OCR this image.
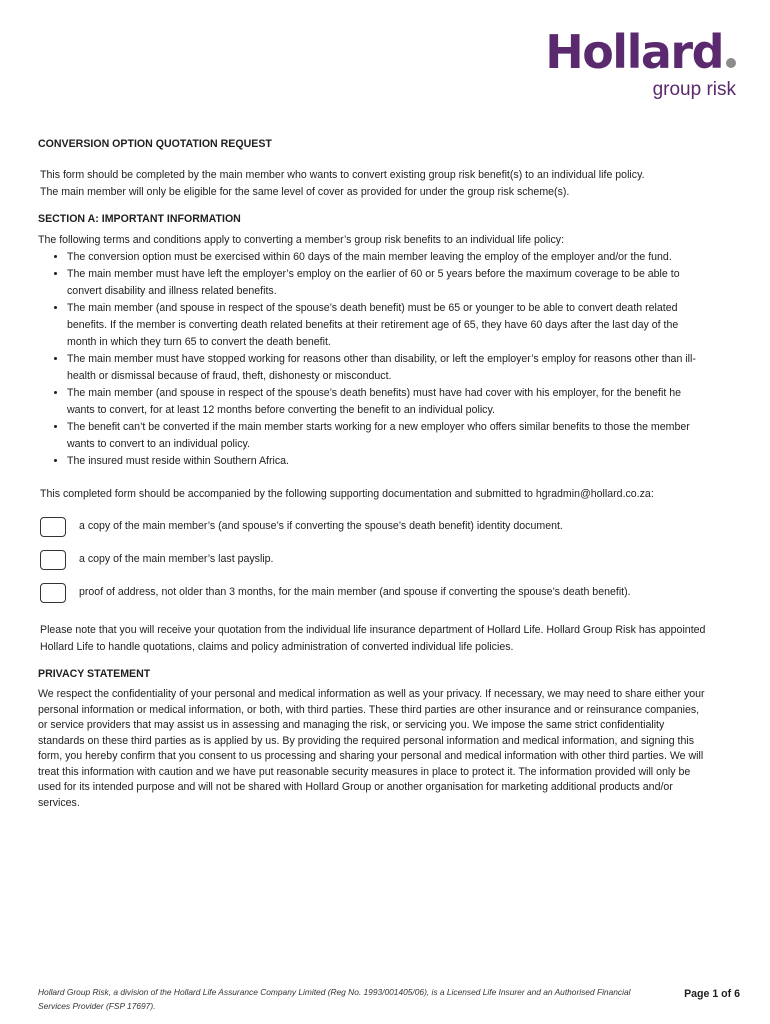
Hollard
group risk
CONVERSION OPTION QUOTATION REQUEST
This form should be completed by the main member who wants to convert existing group risk benefit(s) to an individual life policy.
The main member will only be eligible for the same level of cover as provided for under the group risk scheme(s).
SECTION A: IMPORTANT INFORMATION

The following terms and conditions apply to converting a member’s group risk benefits to an individual life policy:

• The conversion option must be exercised within 60 days of the main member leaving the employ of the employer and/or the fund.
• The main member must have left the employer’s employ on the earlier of 60 or 5 years before the maximum coverage to be able to convert disability and illness related benefits.
• The main member (and spouse in respect of the spouse’s death benefit) must be 65 or younger to be able to convert death related benefits. If the member is converting death related benefits at their retirement age of 65, they have 60 days after the last day of the month in which they turn 65 to convert the death benefit.
• The main member must have stopped working for reasons other than disability, or left the employer’s employ for reasons other than ill-health or dismissal because of fraud, theft, dishonesty or misconduct.
• The main member (and spouse in respect of the spouse’s death benefits) must have had cover with his employer, for the benefit he wants to convert, for at least 12 months before converting the benefit to an individual policy.
• The benefit can’t be converted if the main member starts working for a new employer who offers similar benefits to those the member wants to convert to an individual policy.
• The insured must reside within Southern Africa.

This completed form should be accompanied by the following supporting documentation and submitted to hgradmin@hollard.co.za:

a copy of the main member’s (and spouse’s if converting the spouse’s death benefit) identity document.
a copy of the main member’s last payslip.
proof of address, not older than 3 months, for the main member (and spouse if converting the spouse’s death benefit).

Please note that you will receive your quotation from the individual life insurance department of Hollard Life. Hollard Group Risk has appointed Hollard Life to handle quotations, claims and policy administration of converted individual life policies.

PRIVACY STATEMENT

We respect the confidentiality of your personal and medical information as well as your privacy. If necessary, we may need to share either your personal information or medical information, or both, with third parties. These third parties are other insurance and or reinsurance companies, or service providers that may assist us in assessing and managing the risk, or servicing you. We impose the same strict confidentiality standards on these third parties as is applied by us. By providing the required personal information and medical information, and signing this form, you hereby confirm that you consent to us processing and sharing your personal and medical information with other third parties. We will treat this information with caution and we have put reasonable security measures in place to protect it. The information provided will only be used for its intended purpose and will not be shared with Hollard Group or another organisation for marketing additional products and/or services.

Hollard Group Risk, a division of the Hollard Life Assurance Company Limited (Reg No. 1993/001405/06), is a Licensed Life Insurer and an Authorised Financial Services Provider (FSP 17697).
Page 1 of 6
